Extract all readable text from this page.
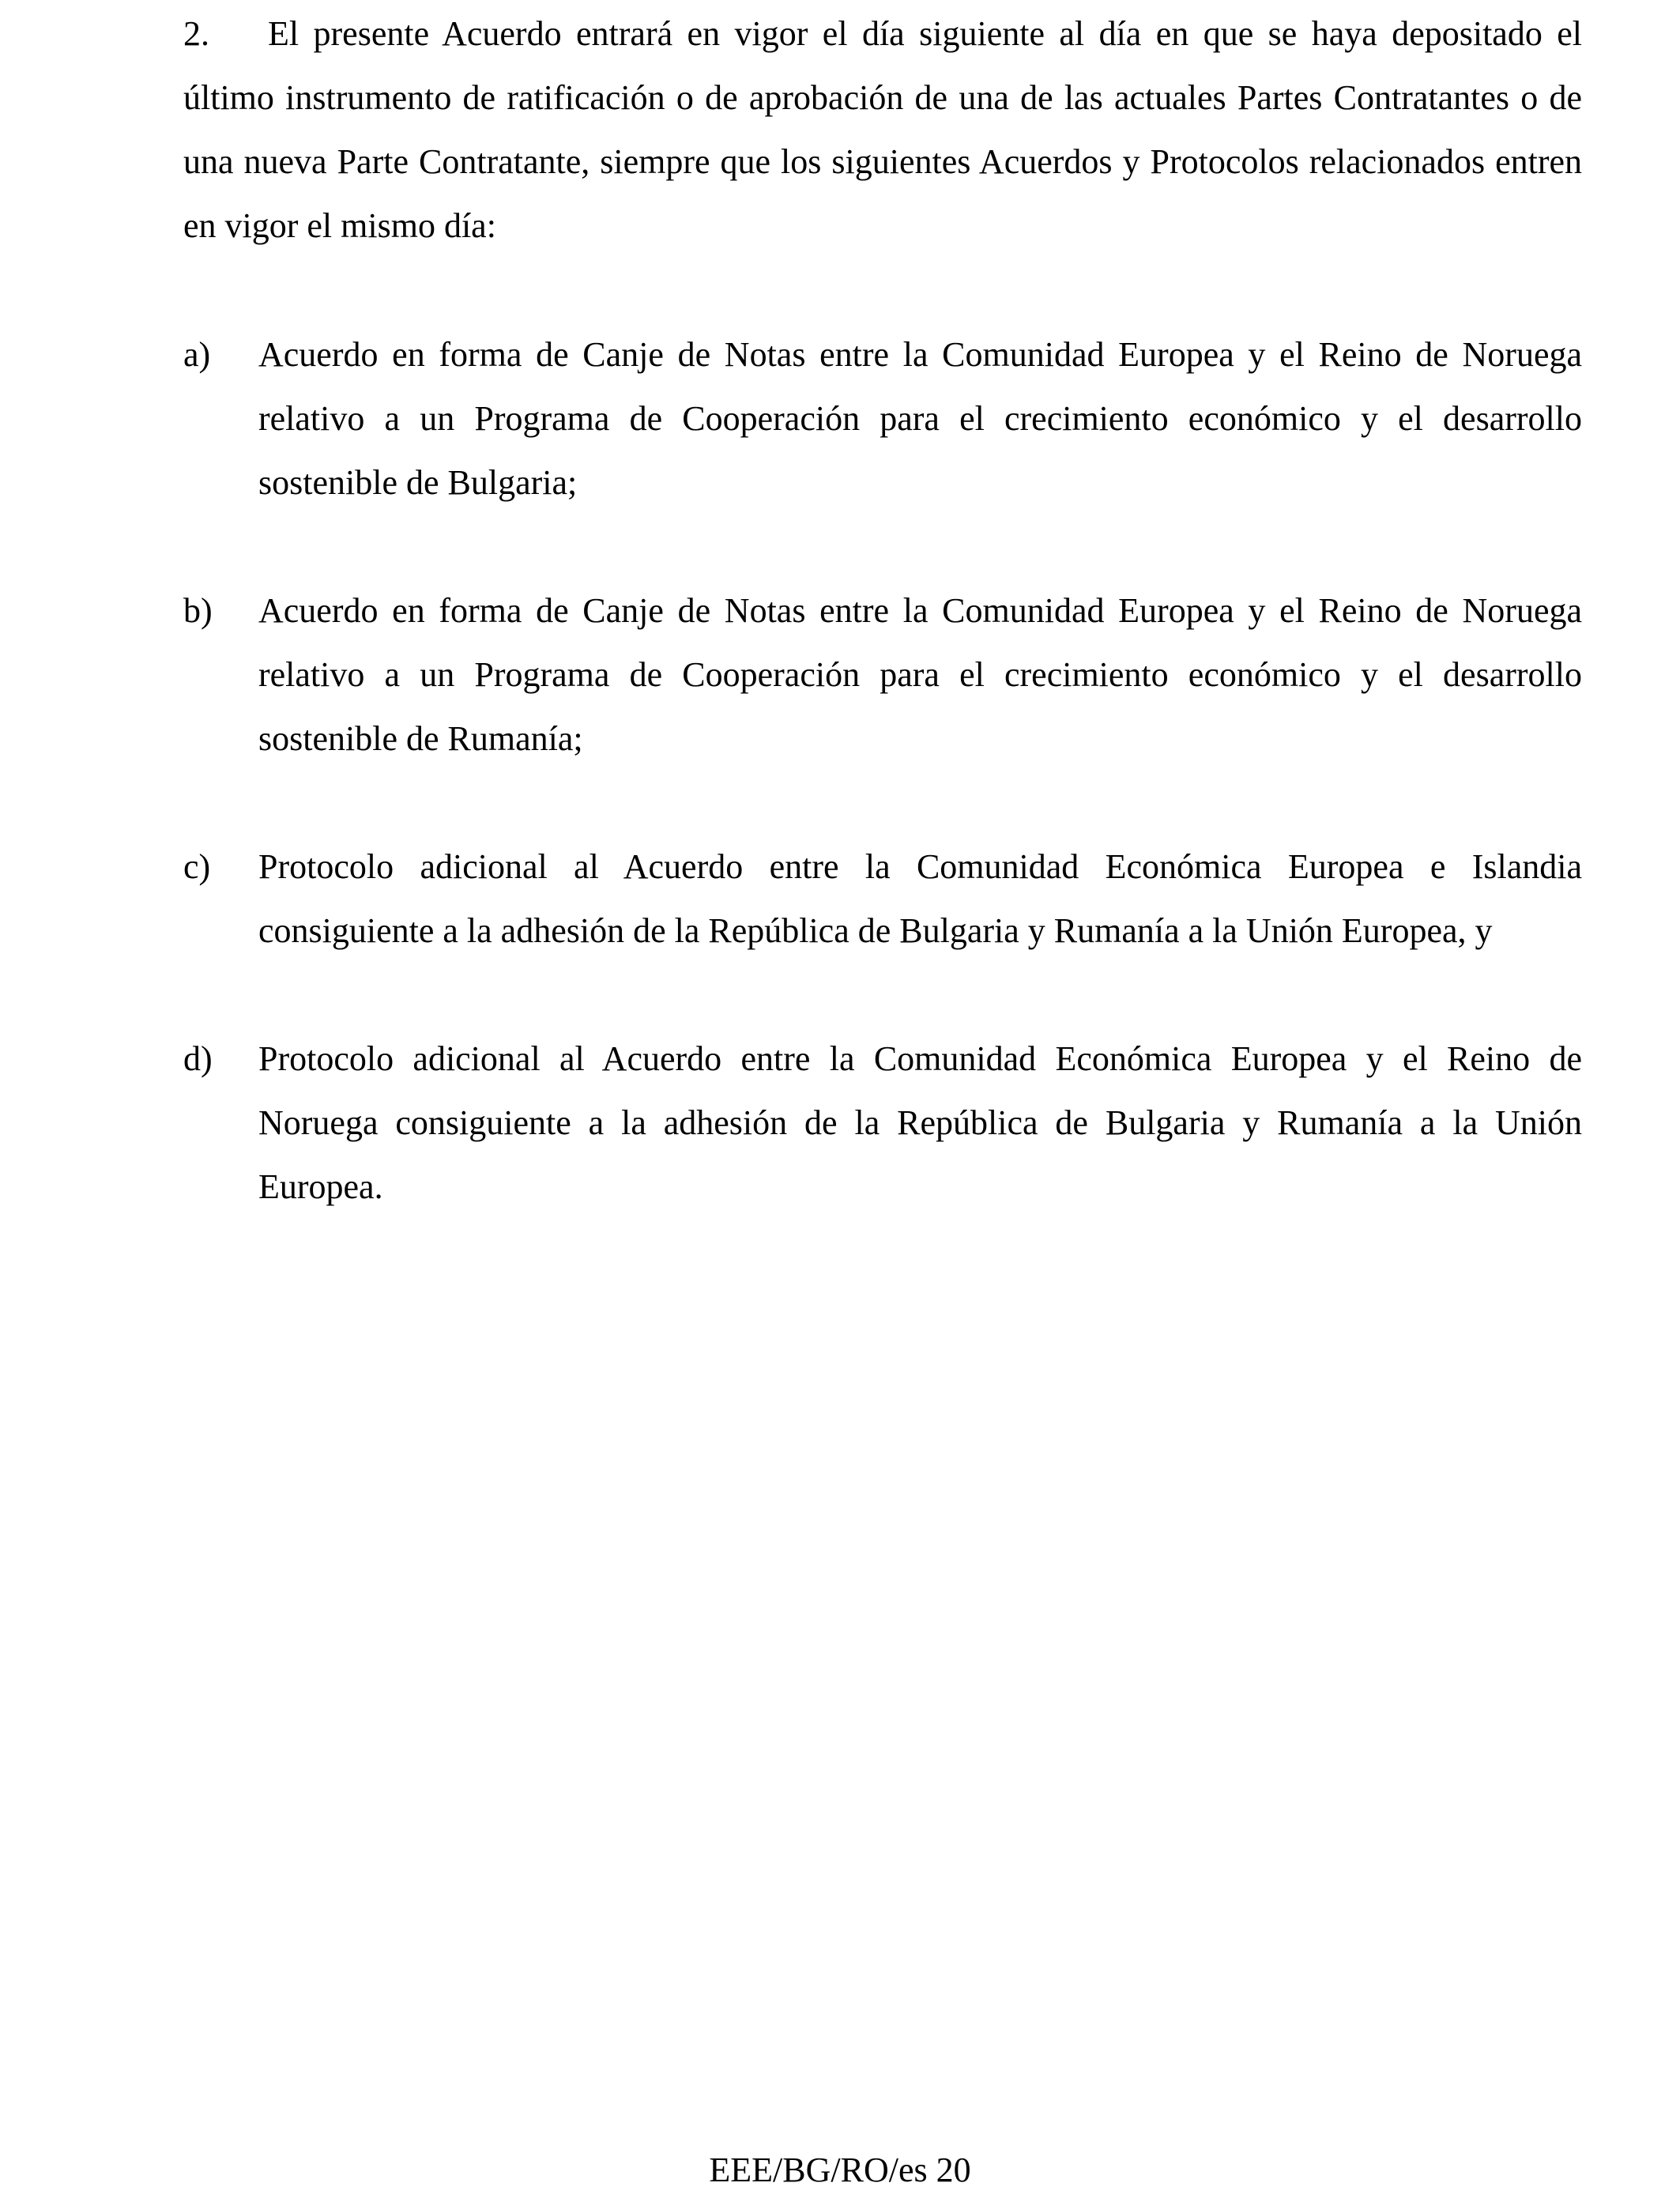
2. El presente Acuerdo entrará en vigor el día siguiente al día en que se haya depositado el último instrumento de ratificación o de aprobación de una de las actuales Partes Contratantes o de una nueva Parte Contratante, siempre que los siguientes Acuerdos y Protocolos relacionados entren en vigor el mismo día:
a)	Acuerdo en forma de Canje de Notas entre la Comunidad Europea y el Reino de Noruega relativo a un Programa de Cooperación para el crecimiento económico y el desarrollo sostenible de Bulgaria;
b)	Acuerdo en forma de Canje de Notas entre la Comunidad Europea y el Reino de Noruega relativo a un Programa de Cooperación para el crecimiento económico y el desarrollo sostenible de Rumanía;
c)	Protocolo adicional al Acuerdo entre la Comunidad Económica Europea e Islandia consiguiente a la adhesión de la República de Bulgaria y Rumanía a la Unión Europea, y
d)	Protocolo adicional al Acuerdo entre la Comunidad Económica Europea y el Reino de Noruega consiguiente a la adhesión de la República de Bulgaria y Rumanía a la Unión Europea.
EEE/BG/RO/es 20
